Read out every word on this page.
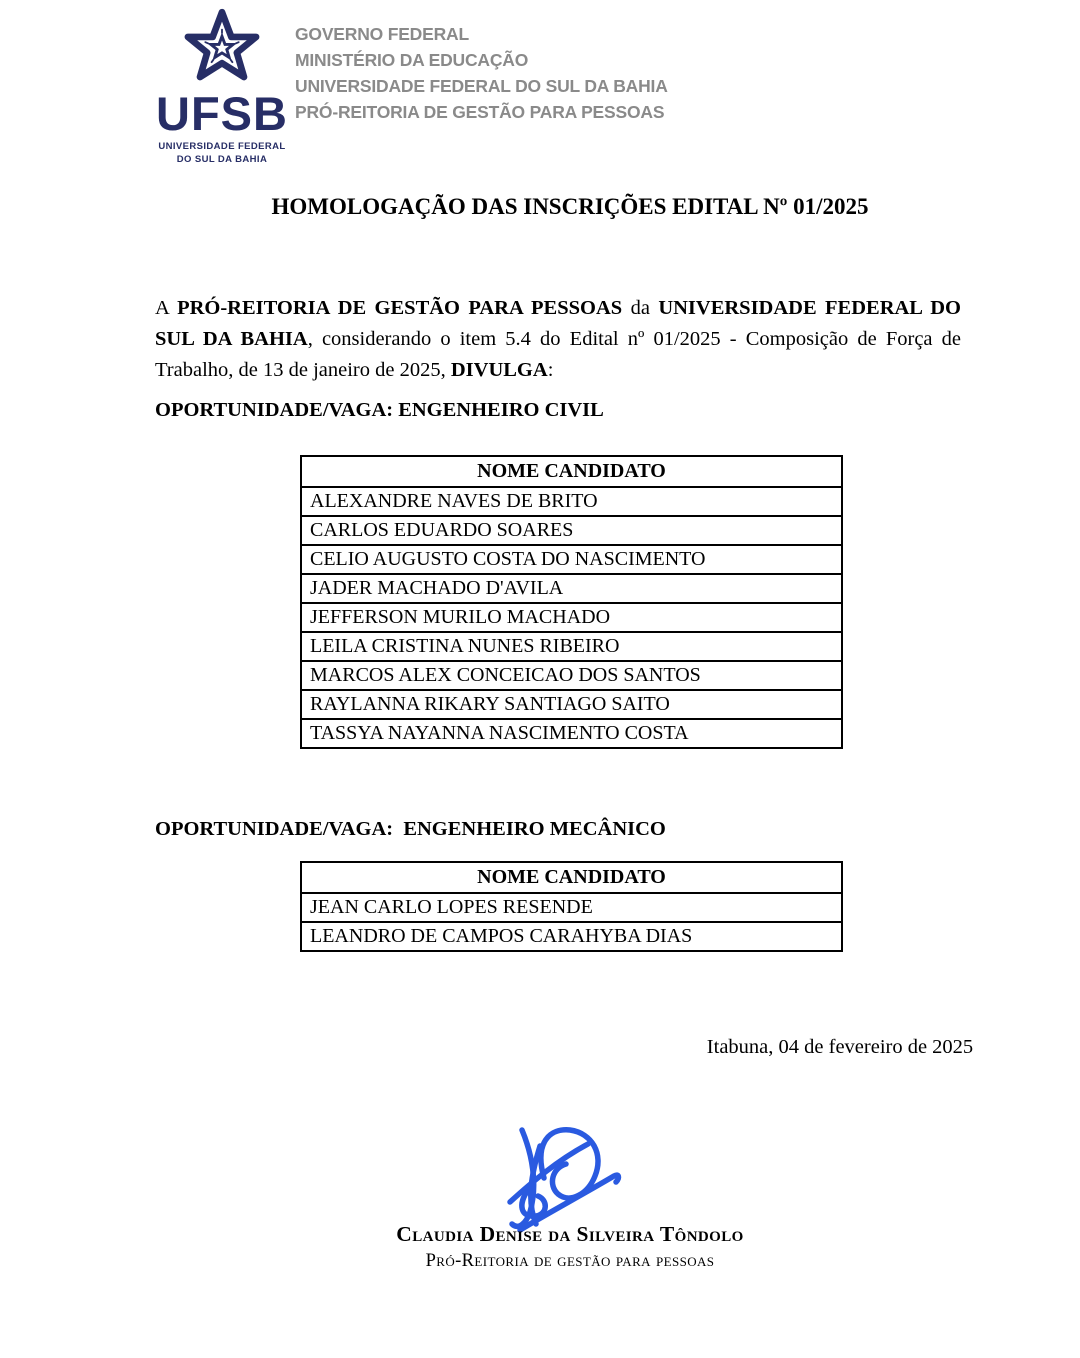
UFSB
UNIVERSIDADE FEDERAL
DO SUL DA BAHIA
GOVERNO FEDERAL
MINISTÉRIO DA EDUCAÇÃO
UNIVERSIDADE FEDERAL DO SUL DA BAHIA
PRÓ-REITORIA DE GESTÃO PARA PESSOAS
HOMOLOGAÇÃO DAS INSCRIÇÕES EDITAL Nº 01/2025

A PRÓ-REITORIA DE GESTÃO PARA PESSOAS da UNIVERSIDADE FEDERAL DO SUL DA BAHIA, considerando o item 5.4 do Edital nº 01/2025 - Composição de Força de Trabalho, de 13 de janeiro de 2025, DIVULGA:

OPORTUNIDADE/VAGA: ENGENHEIRO CIVIL
NOME CANDIDATO
ALEXANDRE NAVES DE BRITO
CARLOS EDUARDO SOARES
CELIO AUGUSTO COSTA DO NASCIMENTO
JADER MACHADO D'AVILA
JEFFERSON MURILO MACHADO
LEILA CRISTINA NUNES RIBEIRO
MARCOS ALEX CONCEICAO DOS SANTOS
RAYLANNA RIKARY SANTIAGO SAITO
TASSYA NAYANNA NASCIMENTO COSTA
OPORTUNIDADE/VAGA:  ENGENHEIRO MECÂNICO
NOME CANDIDATO
JEAN CARLO LOPES RESENDE
LEANDRO DE CAMPOS CARAHYBA DIAS
Itabuna, 04 de fevereiro de 2025
Claudia Denise da Silveira Tôndolo
Pró-Reitoria de gestão para pessoas
